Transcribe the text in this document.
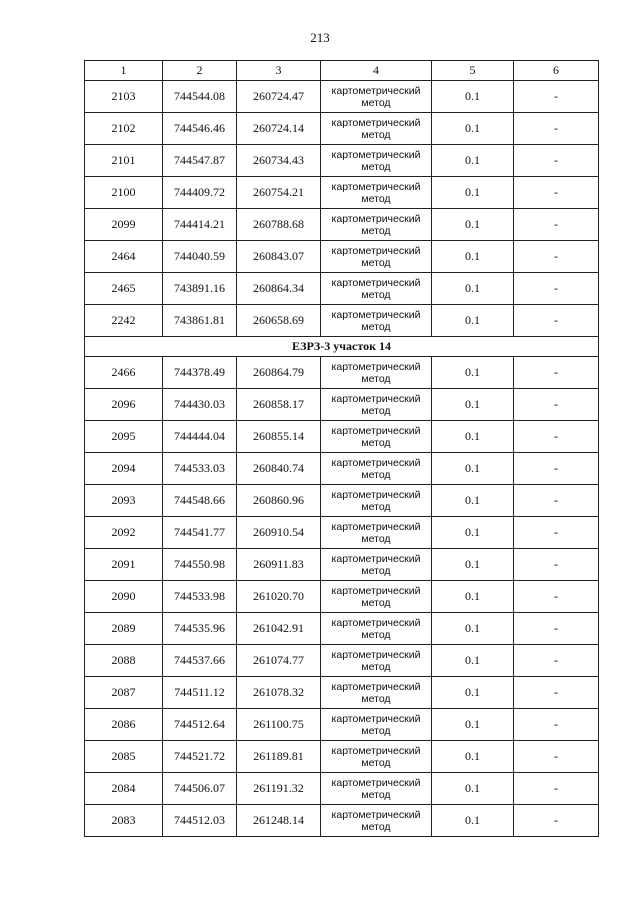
213
1	2	3	4	5	6
2103	744544.08	260724.47	картометрический метод	0.1	-
2102	744546.46	260724.14	картометрический метод	0.1	-
2101	744547.87	260734.43	картометрический метод	0.1	-
2100	744409.72	260754.21	картометрический метод	0.1	-
2099	744414.21	260788.68	картометрический метод	0.1	-
2464	744040.59	260843.07	картометрический метод	0.1	-
2465	743891.16	260864.34	картометрический метод	0.1	-
2242	743861.81	260658.69	картометрический метод	0.1	-
ЕЗРЗ-3 участок 14					
2466	744378.49	260864.79	картометрический метод	0.1	-
2096	744430.03	260858.17	картометрический метод	0.1	-
2095	744444.04	260855.14	картометрический метод	0.1	-
2094	744533.03	260840.74	картометрический метод	0.1	-
2093	744548.66	260860.96	картометрический метод	0.1	-
2092	744541.77	260910.54	картометрический метод	0.1	-
2091	744550.98	260911.83	картометрический метод	0.1	-
2090	744533.98	261020.70	картометрический метод	0.1	-
2089	744535.96	261042.91	картометрический метод	0.1	-
2088	744537.66	261074.77	картометрический метод	0.1	-
2087	744511.12	261078.32	картометрический метод	0.1	-
2086	744512.64	261100.75	картометрический метод	0.1	-
2085	744521.72	261189.81	картометрический метод	0.1	-
2084	744506.07	261191.32	картометрический метод	0.1	-
2083	744512.03	261248.14	картометрический метод	0.1	-
